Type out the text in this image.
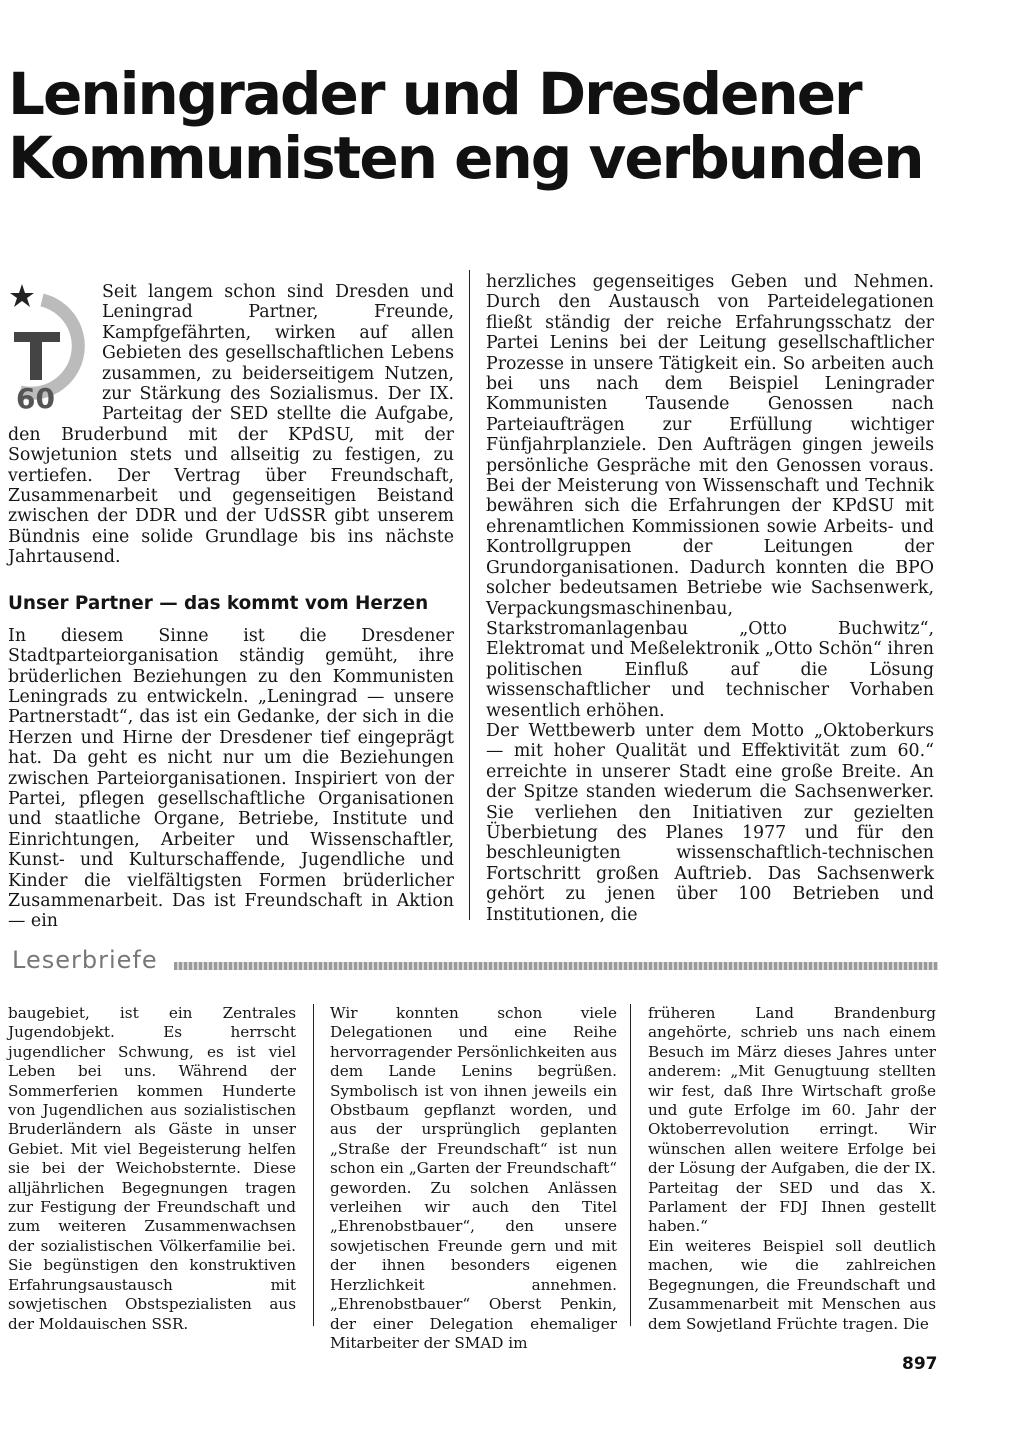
Leningrader und Dresdener
Kommunisten eng verbunden
60

Seit langem schon sind Dresden und Leningrad Partner, Freunde, Kampfgefährten, wirken auf allen Gebieten des gesellschaftlichen Lebens zusammen, zu beiderseitigem Nutzen, zur Stärkung des Sozialismus. Der IX. Parteitag der SED stellte die Aufgabe, den Bruderbund mit der KPdSU, mit der Sowjetunion stets und allseitig zu festigen, zu vertiefen. Der Vertrag über Freundschaft, Zusammenarbeit und gegenseitigen Beistand zwischen der DDR und der UdSSR gibt unserem Bündnis eine solide Grundlage bis ins nächste Jahrtausend.

Unser Partner — das kommt vom Herzen

In diesem Sinne ist die Dresdener Stadtparteiorganisation ständig gemüht, ihre brüderlichen Beziehungen zu den Kommunisten Leningrads zu entwickeln. „Leningrad — unsere Partnerstadt“, das ist ein Gedanke, der sich in die Herzen und Hirne der Dresdener tief eingeprägt hat. Da geht es nicht nur um die Beziehungen zwischen Parteiorganisationen. Inspiriert von der Partei, pflegen gesellschaftliche Organisationen und staatliche Organe, Betriebe, Institute und Einrichtungen, Arbeiter und Wissenschaftler, Kunst- und Kulturschaffende, Jugendliche und Kinder die vielfältigsten Formen brüderlicher Zusammenarbeit. Das ist Freundschaft in Aktion — ein

herzliches gegenseitiges Geben und Nehmen. Durch den Austausch von Parteidelegationen fließt ständig der reiche Erfahrungsschatz der Partei Lenins bei der Leitung gesellschaftlicher Prozesse in unsere Tätigkeit ein. So arbeiten auch bei uns nach dem Beispiel Leningrader Kommunisten Tausende Genossen nach Parteiaufträgen zur Erfüllung wichtiger Fünfjahrplanziele. Den Aufträgen gingen jeweils persönliche Gespräche mit den Genossen voraus. Bei der Meisterung von Wissenschaft und Technik bewähren sich die Erfahrungen der KPdSU mit ehrenamtlichen Kommissionen sowie Arbeits- und Kontrollgruppen der Leitungen der Grundorganisationen. Dadurch konnten die BPO solcher bedeutsamen Betriebe wie Sachsenwerk, Verpackungsmaschinenbau, Starkstromanlagenbau „Otto Buchwitz“, Elektromat und Meßelektronik „Otto Schön“ ihren politischen Einfluß auf die Lösung wissenschaftlicher und technischer Vorhaben wesentlich erhöhen.

Der Wettbewerb unter dem Motto „Oktoberkurs — mit hoher Qualität und Effektivität zum 60.“ erreichte in unserer Stadt eine große Breite. An der Spitze standen wiederum die Sachsenwerker. Sie verliehen den Initiativen zur gezielten Überbietung des Planes 1977 und für den beschleunigten wissenschaftlich-technischen Fortschritt großen Auftrieb. Das Sachsenwerk gehört zu jenen über 100 Betrieben und Institutionen, die

Leserbriefe

baugebiet, ist ein Zentrales Jugendobjekt. Es herrscht jugendlicher Schwung, es ist viel Leben bei uns. Während der Sommerferien kommen Hunderte von Jugendlichen aus sozialistischen Bruderländern als Gäste in unser Gebiet. Mit viel Begeisterung helfen sie bei der Weichobsternte. Diese alljährlichen Begegnungen tragen zur Festigung der Freundschaft und zum weiteren Zusammenwachsen der sozialistischen Völkerfamilie bei. Sie begünstigen den konstruktiven Erfahrungsaustausch mit sowjetischen Obstspezialisten aus der Moldauischen SSR.

Wir konnten schon viele Delegationen und eine Reihe hervorragender Persönlichkeiten aus dem Lande Lenins begrüßen. Symbolisch ist von ihnen jeweils ein Obstbaum gepflanzt worden, und aus der ursprünglich geplanten „Straße der Freundschaft“ ist nun schon ein „Garten der Freundschaft“ geworden. Zu solchen Anlässen verleihen wir auch den Titel „Ehrenobstbauer“, den unsere sowjetischen Freunde gern und mit der ihnen besonders eigenen Herzlichkeit annehmen. „Ehrenobstbauer“ Oberst Penkin, der einer Delegation ehemaliger Mitarbeiter der SMAD im

früheren Land Brandenburg angehörte, schrieb uns nach einem Besuch im März dieses Jahres unter anderem: „Mit Genugtuung stellten wir fest, daß Ihre Wirtschaft große und gute Erfolge im 60. Jahr der Oktoberrevolution erringt. Wir wünschen allen weitere Erfolge bei der Lösung der Aufgaben, die der IX. Parteitag der SED und das X. Parlament der FDJ Ihnen gestellt haben.“

Ein weiteres Beispiel soll deutlich machen, wie die zahlreichen Begegnungen, die Freundschaft und Zusammenarbeit mit Menschen aus dem Sowjetland Früchte tragen. Die

897
